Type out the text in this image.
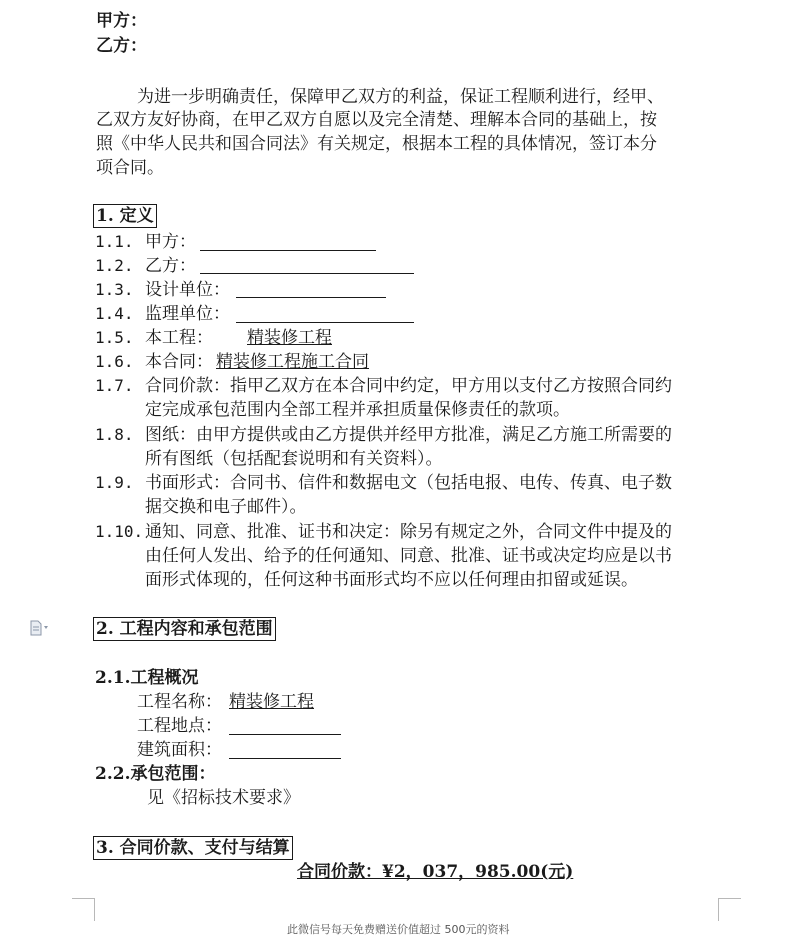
甲方：
乙方：
为进一步明确责任，保障甲乙双方的利益，保证工程顺利进行，经甲、
乙双方友好协商，在甲乙双方自愿以及完全清楚、理解本合同的基础上，按
照《中华人民共和国合同法》有关规定，根据本工程的具体情况，签订本分
项合同。
1. 定义
1.1. 甲方：
1.2. 乙方：
1.3. 设计单位：
1.4. 监理单位：
1.5. 本工程： 精装修工程
1.6. 本合同： 精装修工程施工合同
1.7. 合同价款：指甲乙双方在本合同中约定，甲方用以支付乙方按照合同约
定完成承包范围内全部工程并承担质量保修责任的款项。
1.8. 图纸：由甲方提供或由乙方提供并经甲方批准，满足乙方施工所需要的
所有图纸（包括配套说明和有关资料）。
1.9. 书面形式：合同书、信件和数据电文（包括电报、电传、传真、电子数
据交换和电子邮件）。
1.10. 通知、同意、批准、证书和决定：除另有规定之外，合同文件中提及的
由任何人发出、给予的任何通知、同意、批准、证书或决定均应是以书
面形式体现的，任何这种书面形式均不应以任何理由扣留或延误。
2. 工程内容和承包范围
2.1.工程概况
工程名称： 精装修工程
工程地点：
建筑面积：
2.2.承包范围：
见《招标技术要求》
3. 合同价款、支付与结算
合同价款：¥2，037，985.00(元)
此微信号每天免费赠送价值超过 500元的资料
